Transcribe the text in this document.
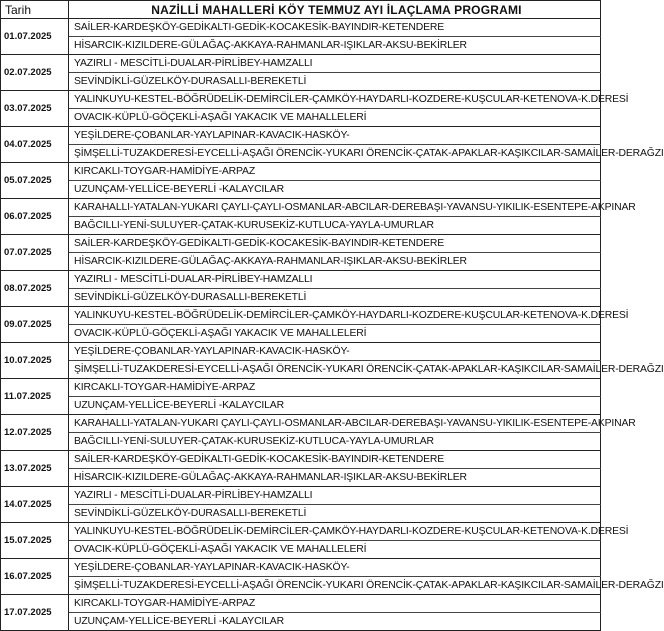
Tarih	NAZİLLİ MAHALLERİ KÖY TEMMUZ AYI İLAÇLAMA PROGRAMI
01.07.2025	SAİLER-KARDEŞKÖY-GEDİKALTI-GEDİK-KOCAKESİK-BAYINDIR-KETENDERE
	HİSARCIK-KIZILDERE-GÜLAĞAÇ-AKKAYA-RAHMANLAR-IŞIKLAR-AKSU-BEKİRLER
02.07.2025	YAZIRLI - MESCİTLİ-DUALAR-PİRLİBEY-HAMZALLI
	SEVİNDİKLİ-GÜZELKÖY-DURASALLI-BEREKETLİ
03.07.2025	YALINKUYU-KESTEL-BÖĞRÜDELİK-DEMİRCİLER-ÇAMKÖY-HAYDARLI-KOZDERE-KUŞCULAR-KETENOVA-K.DERESİ
	OVACIK-KÜPLÜ-GÖÇEKLİ-AŞAĞI YAKACIK VE MAHALLELERİ
04.07.2025	YEŞİLDERE-ÇOBANLAR-YAYLAPINAR-KAVACIK-HASKÖY-
	ŞİMŞELLİ-TUZAKDERESİ-EYCELLİ-AŞAĞI ÖRENCİK-YUKARI ÖRENCİK-ÇATAK-APAKLAR-KAŞIKCILAR-SAMAİLER-DERAĞZI
05.07.2025	KIRCAKLI-TOYGAR-HAMİDİYE-ARPAZ
	UZUNÇAM-YELLİCE-BEYERLİ -KALAYCILAR
06.07.2025	KARAHALLI-YATALAN-YUKARI ÇAYLI-ÇAYLI-OSMANLAR-ABCILAR-DEREBAŞI-YAVANSU-YIKILIK-ESENTEPE-AKPINAR
	BAĞCILLI-YENİ-SULUYER-ÇATAK-KURUSEKİZ-KUTLUCA-YAYLA-UMURLAR
07.07.2025	SAİLER-KARDEŞKÖY-GEDİKALTI-GEDİK-KOCAKESİK-BAYINDIR-KETENDERE
	HİSARCIK-KIZILDERE-GÜLAĞAÇ-AKKAYA-RAHMANLAR-IŞIKLAR-AKSU-BEKİRLER
08.07.2025	YAZIRLI - MESCİTLİ-DUALAR-PİRLİBEY-HAMZALLI
	SEVİNDİKLİ-GÜZELKÖY-DURASALLI-BEREKETLİ
09.07.2025	YALINKUYU-KESTEL-BÖĞRÜDELİK-DEMİRCİLER-ÇAMKÖY-HAYDARLI-KOZDERE-KUŞCULAR-KETENOVA-K.DERESİ
	OVACIK-KÜPLÜ-GÖÇEKLİ-AŞAĞI YAKACIK VE MAHALLELERİ
10.07.2025	YEŞİLDERE-ÇOBANLAR-YAYLAPINAR-KAVACIK-HASKÖY-
	ŞİMŞELLİ-TUZAKDERESİ-EYCELLİ-AŞAĞI ÖRENCİK-YUKARI ÖRENCİK-ÇATAK-APAKLAR-KAŞIKCILAR-SAMAİLER-DERAĞZI
11.07.2025	KIRCAKLI-TOYGAR-HAMİDİYE-ARPAZ
	UZUNÇAM-YELLİCE-BEYERLİ -KALAYCILAR
12.07.2025	KARAHALLI-YATALAN-YUKARI ÇAYLI-ÇAYLI-OSMANLAR-ABCILAR-DEREBAŞI-YAVANSU-YIKILIK-ESENTEPE-AKPINAR
	BAĞCILLI-YENİ-SULUYER-ÇATAK-KURUSEKİZ-KUTLUCA-YAYLA-UMURLAR
13.07.2025	SAİLER-KARDEŞKÖY-GEDİKALTI-GEDİK-KOCAKESİK-BAYINDIR-KETENDERE
	HİSARCIK-KIZILDERE-GÜLAĞAÇ-AKKAYA-RAHMANLAR-IŞIKLAR-AKSU-BEKİRLER
14.07.2025	YAZIRLI - MESCİTLİ-DUALAR-PİRLİBEY-HAMZALLI
	SEVİNDİKLİ-GÜZELKÖY-DURASALLI-BEREKETLİ
15.07.2025	YALINKUYU-KESTEL-BÖĞRÜDELİK-DEMİRCİLER-ÇAMKÖY-HAYDARLI-KOZDERE-KUŞCULAR-KETENOVA-K.DERESİ
	OVACIK-KÜPLÜ-GÖÇEKLİ-AŞAĞI YAKACIK VE MAHALLELERİ
16.07.2025	YEŞİLDERE-ÇOBANLAR-YAYLAPINAR-KAVACIK-HASKÖY-
	ŞİMŞELLİ-TUZAKDERESİ-EYCELLİ-AŞAĞI ÖRENCİK-YUKARI ÖRENCİK-ÇATAK-APAKLAR-KAŞIKCILAR-SAMAİLER-DERAĞZI
17.07.2025	KIRCAKLI-TOYGAR-HAMİDİYE-ARPAZ
	UZUNÇAM-YELLİCE-BEYERLİ -KALAYCILAR
